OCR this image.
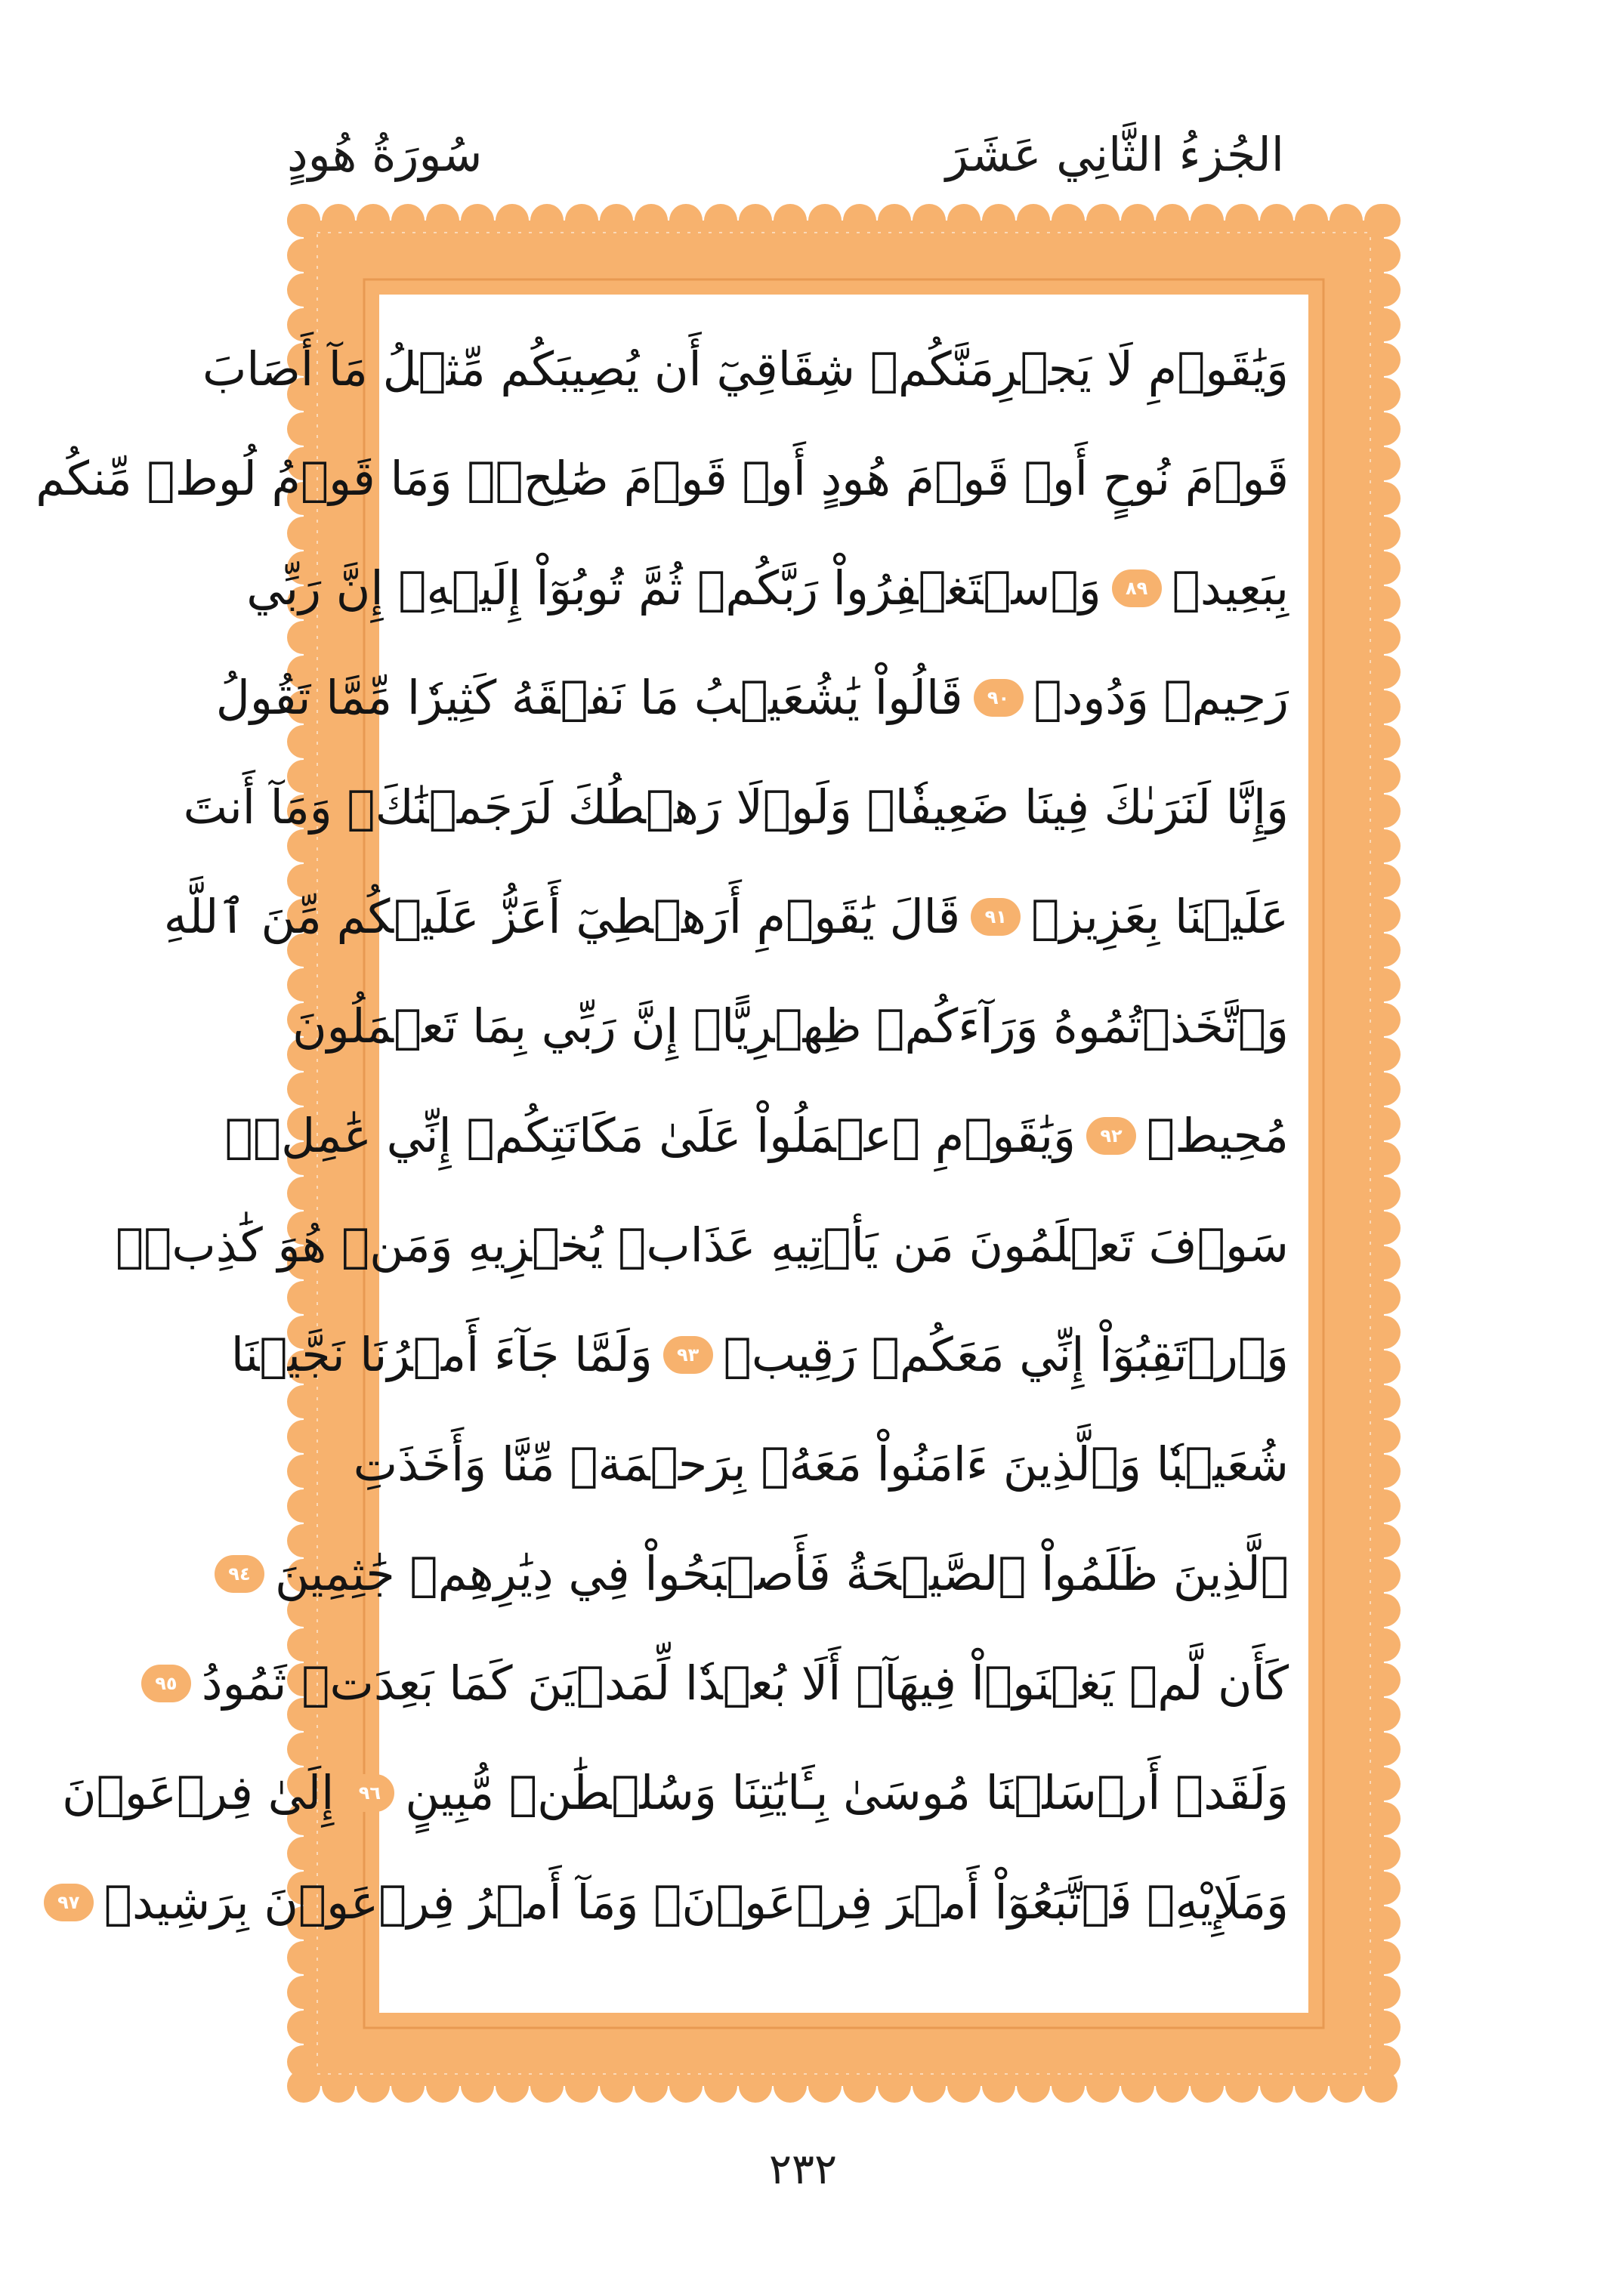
الجُزءُ الثَّانِي عَشَرَ
سُورَةُ هُودٍ
وَيَٰقَوۡمِ لَا يَجۡرِمَنَّكُمۡ شِقَاقِيٓ أَن يُصِيبَكُم مِّثۡلُ مَآ أَصَابَ
قَوۡمَ نُوحٍ أَوۡ قَوۡمَ هُودٍ أَوۡ قَوۡمَ صَٰلِحٖۚ وَمَا قَوۡمُ لُوطٖ مِّنكُم
بِبَعِيدٖ
٨٩
وَٱسۡتَغۡفِرُواْ رَبَّكُمۡ ثُمَّ تُوبُوٓاْ إِلَيۡهِۚ إِنَّ رَبِّي
رَحِيمٞ وَدُودٞ
٩٠
قَالُواْ يَٰشُعَيۡبُ مَا نَفۡقَهُ كَثِيرٗا مِّمَّا تَقُولُ
وَإِنَّا لَنَرَىٰكَ فِينَا ضَعِيفٗاۖ وَلَوۡلَا رَهۡطُكَ لَرَجَمۡنَٰكَۖ وَمَآ أَنتَ
عَلَيۡنَا بِعَزِيزٖ
٩١
قَالَ يَٰقَوۡمِ أَرَهۡطِيٓ أَعَزُّ عَلَيۡكُم مِّنَ ٱللَّهِ
وَٱتَّخَذۡتُمُوهُ وَرَآءَكُمۡ ظِهۡرِيًّاۖ إِنَّ رَبِّي بِمَا تَعۡمَلُونَ
مُحِيطٞ
٩٢
وَيَٰقَوۡمِ ٱعۡمَلُواْ عَلَىٰ مَكَانَتِكُمۡ إِنِّي عَٰمِلٞۖ
سَوۡفَ تَعۡلَمُونَ مَن يَأۡتِيهِ عَذَابٞ يُخۡزِيهِ وَمَنۡ هُوَ كَٰذِبٞۖ
وَٱرۡتَقِبُوٓاْ إِنِّي مَعَكُمۡ رَقِيبٞ
٩٣
وَلَمَّا جَآءَ أَمۡرُنَا نَجَّيۡنَا
شُعَيۡبٗا وَٱلَّذِينَ ءَامَنُواْ مَعَهُۥ بِرَحۡمَةٖ مِّنَّا وَأَخَذَتِ
ٱلَّذِينَ ظَلَمُواْ ٱلصَّيۡحَةُ فَأَصۡبَحُواْ فِي دِيَٰرِهِمۡ جَٰثِمِينَ
٩٤
كَأَن لَّمۡ يَغۡنَوۡاْ فِيهَآۗ أَلَا بُعۡدٗا لِّمَدۡيَنَ كَمَا بَعِدَتۡ ثَمُودُ
٩٥
وَلَقَدۡ أَرۡسَلۡنَا مُوسَىٰ بِـَٔايَٰتِنَا وَسُلۡطَٰنٖ مُّبِينٍ
٩٦
إِلَىٰ فِرۡعَوۡنَ
وَمَلَإِيْهِۦ فَٱتَّبَعُوٓاْ أَمۡرَ فِرۡعَوۡنَۖ وَمَآ أَمۡرُ فِرۡعَوۡنَ بِرَشِيدٖ
٩٧
٢٣٢
